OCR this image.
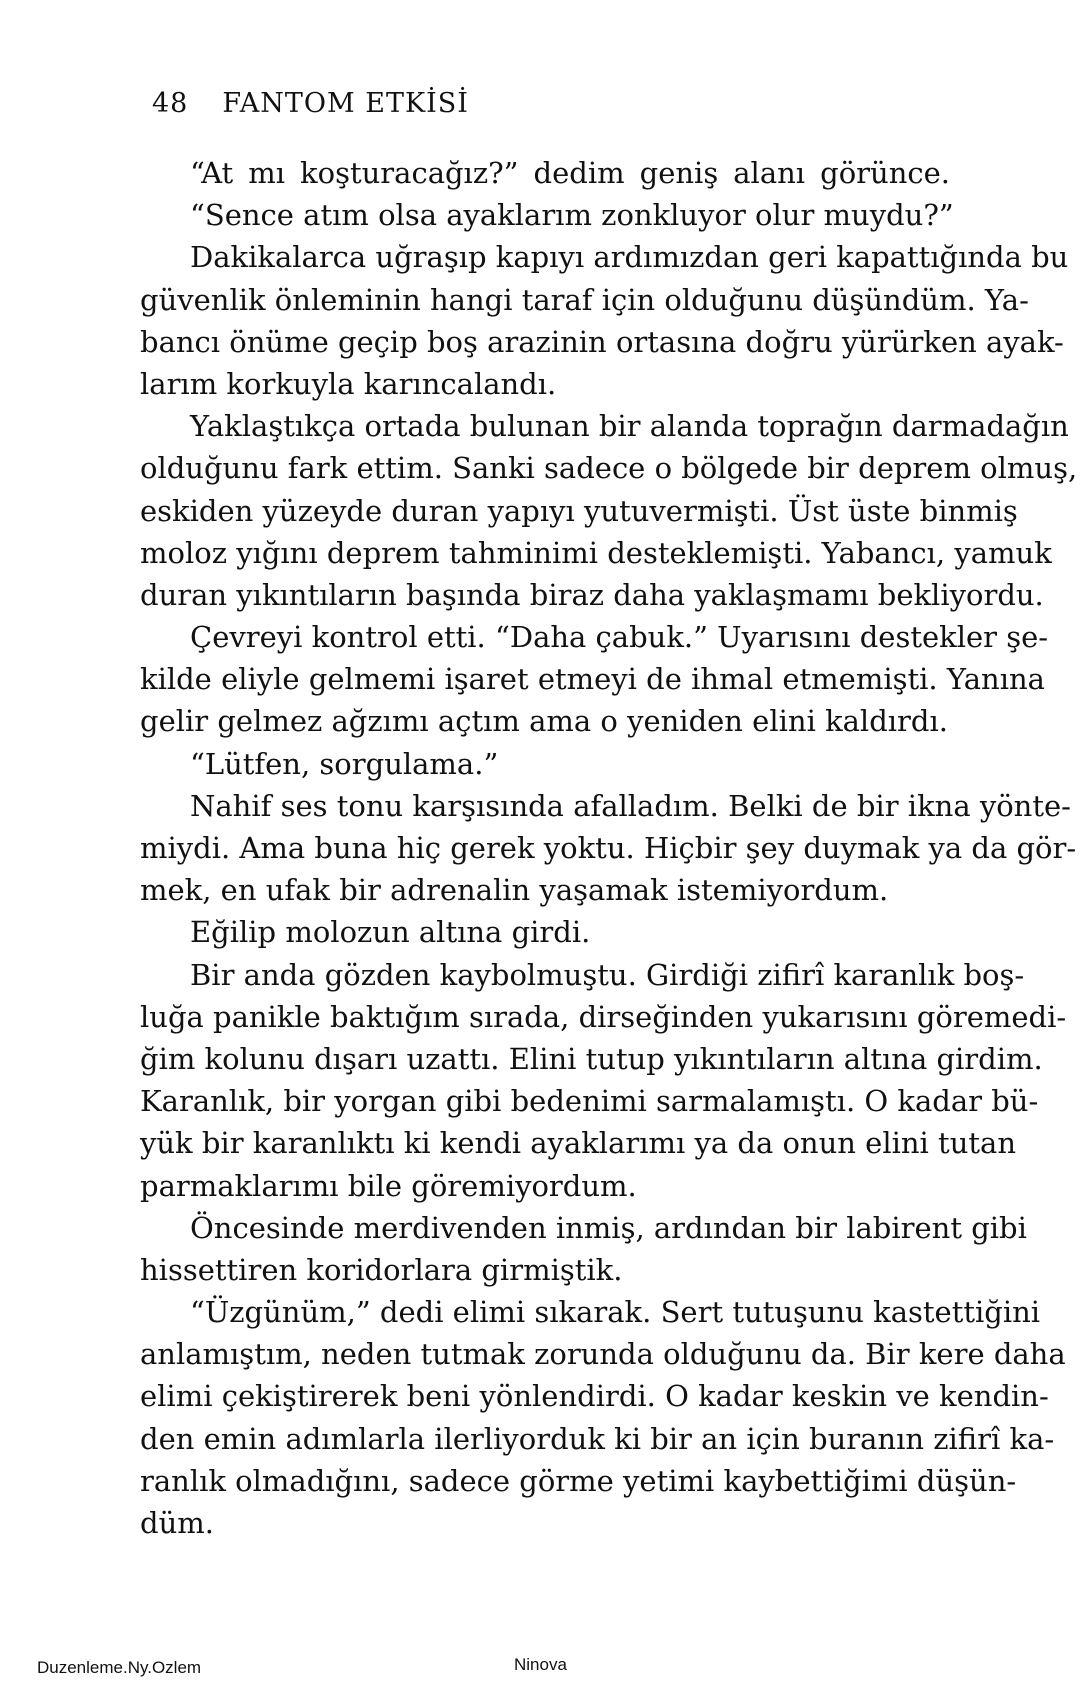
48 FANTOM ETKİSİ
“At mı koşturacağız?” dedim geniş alanı görünce.
“Sence atım olsa ayaklarım zonkluyor olur muydu?”
Dakikalarca uğraşıp kapıyı ardımızdan geri kapattığında bu
güvenlik önleminin hangi taraf için olduğunu düşündüm. Ya-
bancı önüme geçip boş arazinin ortasına doğru yürürken ayak-
larım korkuyla karıncalandı.
Yaklaştıkça ortada bulunan bir alanda toprağın darmadağın
olduğunu fark ettim. Sanki sadece o bölgede bir deprem olmuş,
eskiden yüzeyde duran yapıyı yutuvermişti. Üst üste binmiş
moloz yığını deprem tahminimi desteklemişti. Yabancı, yamuk
duran yıkıntıların başında biraz daha yaklaşmamı bekliyordu.
Çevreyi kontrol etti. “Daha çabuk.” Uyarısını destekler şe-
kilde eliyle gelmemi işaret etmeyi de ihmal etmemişti. Yanına
gelir gelmez ağzımı açtım ama o yeniden elini kaldırdı.
“Lütfen, sorgulama.”
Nahif ses tonu karşısında afalladım. Belki de bir ikna yönte-
miydi. Ama buna hiç gerek yoktu. Hiçbir şey duymak ya da gör-
mek, en ufak bir adrenalin yaşamak istemiyordum.
Eğilip molozun altına girdi.
Bir anda gözden kaybolmuştu. Girdiği zifirî karanlık boş-
luğa panikle baktığım sırada, dirseğinden yukarısını göremedi-
ğim kolunu dışarı uzattı. Elini tutup yıkıntıların altına girdim.
Karanlık, bir yorgan gibi bedenimi sarmalamıştı. O kadar bü-
yük bir karanlıktı ki kendi ayaklarımı ya da onun elini tutan
parmaklarımı bile göremiyordum.
Öncesinde merdivenden inmiş, ardından bir labirent gibi
hissettiren koridorlara girmiştik.
“Üzgünüm,” dedi elimi sıkarak. Sert tutuşunu kastettiğini
anlamıştım, neden tutmak zorunda olduğunu da. Bir kere daha
elimi çekiştirerek beni yönlendirdi. O kadar keskin ve kendin-
den emin adımlarla ilerliyorduk ki bir an için buranın zifirî ka-
ranlık olmadığını, sadece görme yetimi kaybettiğimi düşün-
düm.
Duzenleme.Ny.Ozlem	Ninova
